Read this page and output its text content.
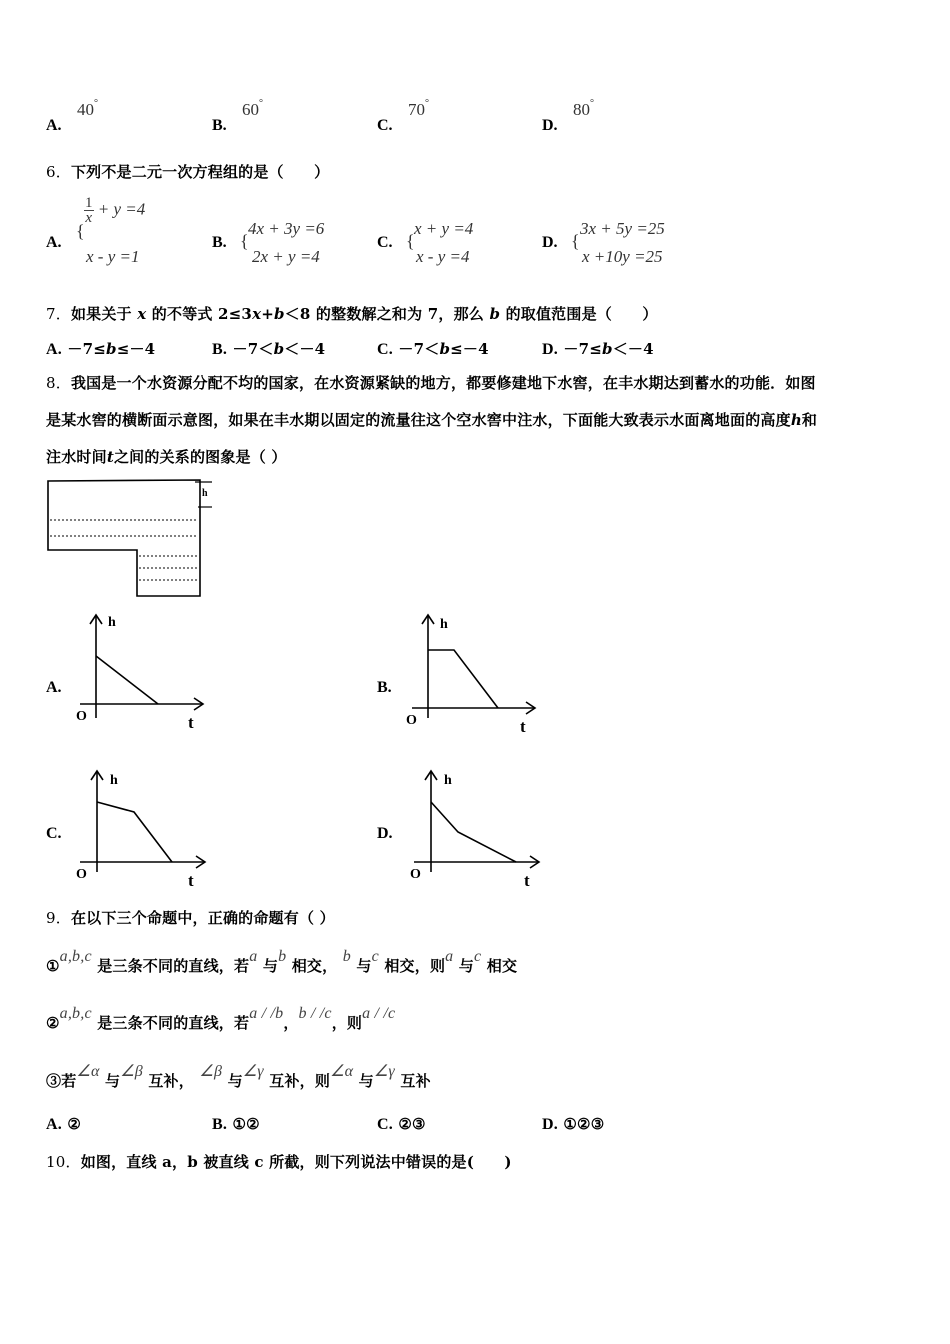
A.
40°
B.
60°
C.
70°
D.
80°
6．下列不是二元一次方程组的是（　　）
A.
{
$\frac{1}{x} + y =4$
x - y =1
B. {
4x + 3y =6
2x + y =4
C. {
x + y =4
x - y =4
D. {
3x + 5y =25
x +10y =25
7．如果关于 x 的不等式 2≤3x+b＜8 的整数解之和为 7，那么 b 的取值范围是（　　）
A. －7≤b≤－4	B. －7＜b＜－4	C. －7＜b≤－4	D. －7≤b＜－4
8．我国是一个水资源分配不均的国家，在水资源紧缺的地方，都要修建地下水窖，在丰水期达到蓄水的功能．如图
是某水窖的横断面示意图，如果在丰水期以固定的流量往这个空水窖中注水，下面能大致表示水面离地面的高度h和
注水时间t之间的关系的图象是（ ）
h
A.
h
t
O
B.
h
t
O
C.
h
t
O
D.
h
t
O
9．在以下三个命题中，正确的命题有（ ）
①a,b,c 是三条不同的直线，若a 与b 相交， b 与c 相交，则a 与c 相交
②a,b,c 是三条不同的直线，若a / /b，b / /c，则a / /c
③若∠α 与∠β 互补， ∠β 与∠γ 互补，则∠α 与∠γ 互补
A. ②	B. ①②	C. ②③	D. ①②③
10．如图，直线 a，b 被直线 c 所截，则下列说法中错误的是(　　)
